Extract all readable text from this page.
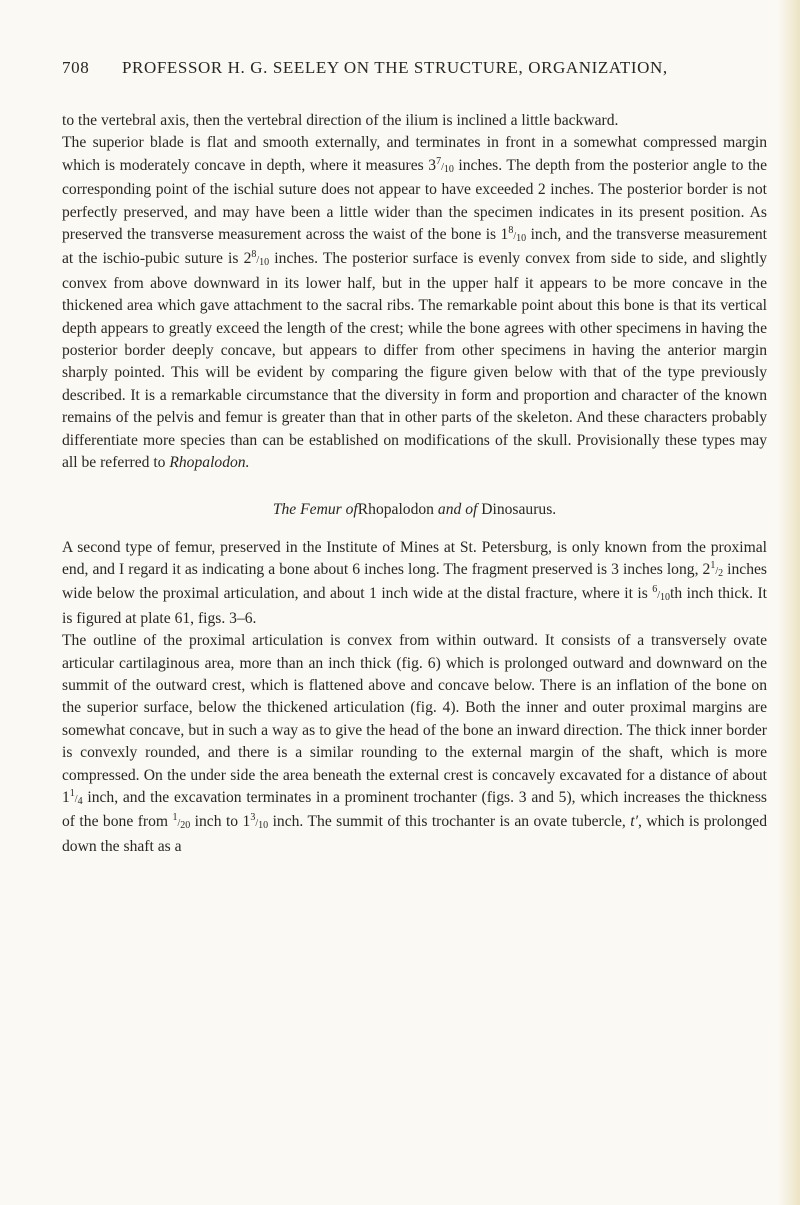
708	PROFESSOR H. G. SEELEY ON THE STRUCTURE, ORGANIZATION,

to the vertebral axis, then the vertebral direction of the ilium is inclined a little backward.

The superior blade is flat and smooth externally, and terminates in front in a somewhat compressed margin which is moderately concave in depth, where it measures 37/10 inches. The depth from the posterior angle to the corresponding point of the ischial suture does not appear to have exceeded 2 inches. The posterior border is not perfectly preserved, and may have been a little wider than the specimen indicates in its present position. As preserved the transverse measurement across the waist of the bone is 18/10 inch, and the transverse measurement at the ischio-pubic suture is 28/10 inches. The posterior surface is evenly convex from side to side, and slightly convex from above downward in its lower half, but in the upper half it appears to be more concave in the thickened area which gave attachment to the sacral ribs. The remarkable point about this bone is that its vertical depth appears to greatly exceed the length of the crest; while the bone agrees with other specimens in having the posterior border deeply concave, but appears to differ from other specimens in having the anterior margin sharply pointed. This will be evident by comparing the figure given below with that of the type previously described. It is a remarkable circumstance that the diversity in form and proportion and character of the known remains of the pelvis and femur is greater than that in other parts of the skeleton. And these characters probably differentiate more species than can be established on modifications of the skull. Provisionally these types may all be referred to Rhopalodon.

The Femur ofRhopalodon and of Dinosaurus.

A second type of femur, preserved in the Institute of Mines at St. Petersburg, is only known from the proximal end, and I regard it as indicating a bone about 6 inches long. The fragment preserved is 3 inches long, 21/2 inches wide below the proximal articulation, and about 1 inch wide at the distal fracture, where it is 6/10th inch thick. It is figured at plate 61, figs. 3–6.

The outline of the proximal articulation is convex from within outward. It consists of a transversely ovate articular cartilaginous area, more than an inch thick (fig. 6) which is prolonged outward and downward on the summit of the outward crest, which is flattened above and concave below. There is an inflation of the bone on the superior surface, below the thickened articulation (fig. 4). Both the inner and outer proximal margins are somewhat concave, but in such a way as to give the head of the bone an inward direction. The thick inner border is convexly rounded, and there is a similar rounding to the external margin of the shaft, which is more compressed. On the under side the area beneath the external crest is concavely excavated for a distance of about 11/4 inch, and the excavation terminates in a prominent trochanter (figs. 3 and 5), which increases the thickness of the bone from 1/20 inch to 13/10 inch. The summit of this trochanter is an ovate tubercle, t′, which is prolonged down the shaft as a
